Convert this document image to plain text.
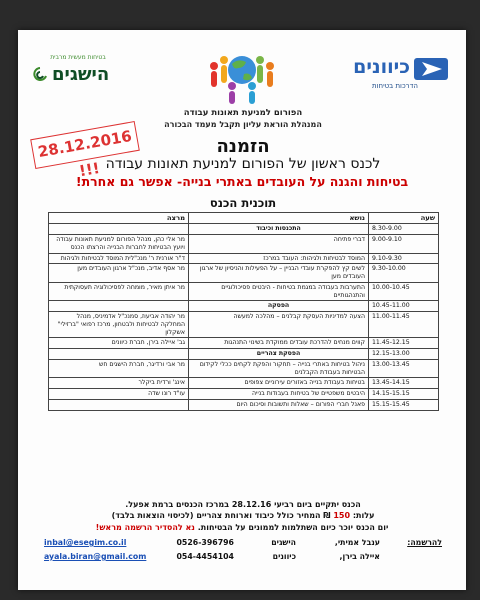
כיוונים
הדרכות בטיחות
בטיחות מעשית מרבית
הישגים
הפורום למניעת תאונות עבודה
המנהלת הוראת עליון תקבל מעמד הבכורה
28.12.2016 !!!
הזמנה
לכנס ראשון של הפורום למניעת תאונות עבודה
בטיחות והגנה על העובדים באתרי בנייה- אפשר גם אחרת!
תוכנית הכנס
שעה	נושא	מרצה
8.30-9.00	התכנסות וכיבוד	
9.00-9.10	דברי פתיחה	מר אלי כהן, מנהל הפורום למניעת תאונות עבודה ויועץ הבטיחות לחברות הבנייה והרצתו הכנס
9.10-9.30	המוסד לבטיחות ולגיהות: העובד במרכז	ד"ר אורנית ר' מנכ"לית המוסד לבטיחות ולגיהות
9.30-10.00	לשים קץ להפקרת עובדי הבניין – על הפעילות והניסיון של ארגון העובדים מען	מר אסף אדיב, מנכ"ל ארגון העובדים מען
10.00-10.45	התערבות בעבודה במגמת בטיחות - היבטים פסיכולוגיים והתנהגותיים	מר איתן מאיר, מומחה לפסיכולוגיה תעסוקתית
10.45-11.00	הפסקה	
11.00-11.45	הצעה למדיניות העסקת קבלנים – מהלכה למעשה	מר יהודה אביעוז, סמנכ"ל אדמיניס, מנהל המחלקה לבטיחות ולבטחון, מרכז רפואי "ברזילי" אשקלון
11.45-12.15	קווים מנחים להדרכת עובדים ממוקדת בשינוי התנהגות	גב' איילה בירן, חברת כיוונים
12.15-13.00	הפסקת צהריים	
13.00-13.45	ניהול בטיחות באתרי בנייה – תחקור והפקת לקחים ככלי לקידום הבטיחות בעבודת הקבלנים	מר אבי ורדיגר, חברת הישגים חש
13.45-14.15	בטיחות בעבודת בנייה באזורים עירוניים צפופים	אינג' ורדית ביקלר
14.15-15.15	היבטים משפטיים של בטיחות בעבודות בנייה	עו"ד רונו שדה
15.15-15.45	פאנל חברי הפורום – שאלות ותשובות וסיכום היום	
הכנס יתקיים ביום רביעי 28.12.16 במרכז הכנסים ברמת אפעל.
עלות: 150 ₪ המחיר כולל כיבוד וארוחת צהריים (לכיסוי הוצאות בלבד)
יום הכנס יוכר כיום השתלמות לממונים על הבטיחות. נא להסדיר הרשמה מראש!
להרשמה:
ענבל אמיתי,
הישגים
0526-396796
inbal@esegim.co.il
איילה בירן,
כיוונים
054-4454104
ayala.biran@gmail.com
